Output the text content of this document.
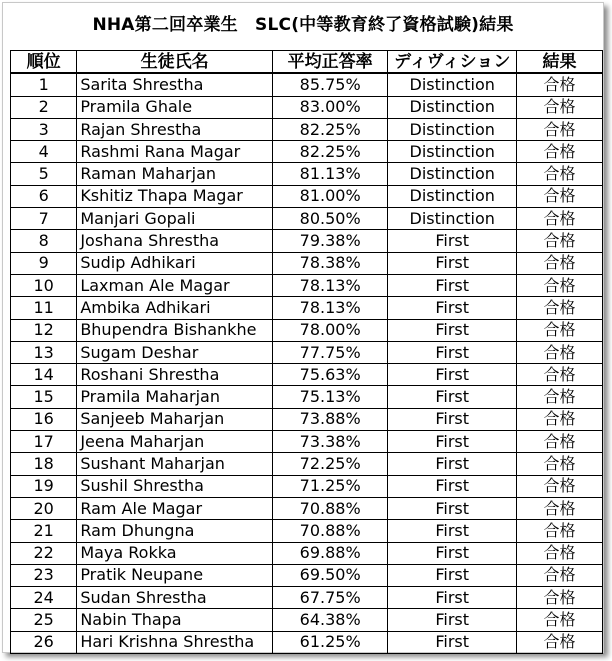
NHA第二回卒業生　SLC(中等教育終了資格試験)結果
順位	生徒氏名	平均正答率	ディヴィション	結果
1	Sarita Shrestha	85.75%	Distinction	合格
2	Pramila Ghale	83.00%	Distinction	合格
3	Rajan Shrestha	82.25%	Distinction	合格
4	Rashmi Rana Magar	82.25%	Distinction	合格
5	Raman Maharjan	81.13%	Distinction	合格
6	Kshitiz Thapa Magar	81.00%	Distinction	合格
7	Manjari Gopali	80.50%	Distinction	合格
8	Joshana Shrestha	79.38%	First	合格
9	Sudip Adhikari	78.38%	First	合格
10	Laxman Ale Magar	78.13%	First	合格
11	Ambika Adhikari	78.13%	First	合格
12	Bhupendra Bishankhe	78.00%	First	合格
13	Sugam Deshar	77.75%	First	合格
14	Roshani Shrestha	75.63%	First	合格
15	Pramila Maharjan	75.13%	First	合格
16	Sanjeeb Maharjan	73.88%	First	合格
17	Jeena Maharjan	73.38%	First	合格
18	Sushant Maharjan	72.25%	First	合格
19	Sushil Shrestha	71.25%	First	合格
20	Ram Ale Magar	70.88%	First	合格
21	Ram Dhungna	70.88%	First	合格
22	Maya Rokka	69.88%	First	合格
23	Pratik Neupane	69.50%	First	合格
24	Sudan Shrestha	67.75%	First	合格
25	Nabin Thapa	64.38%	First	合格
26	Hari Krishna Shrestha	61.25%	First	合格
